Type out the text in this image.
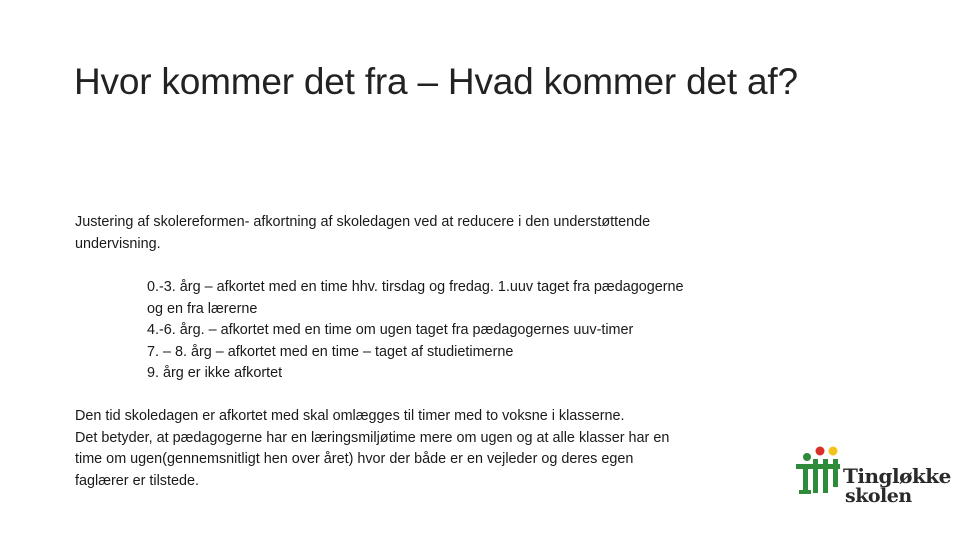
Hvor kommer det fra – Hvad kommer det af?
Justering af skolereformen- afkortning af skoledagen ved at reducere i den understøttende
undervisning.
0.-3. årg – afkortet med en time hhv. tirsdag og fredag. 1.uuv taget fra pædagogerne
og en fra lærerne
4.-6. årg. – afkortet med en time om ugen taget fra pædagogernes uuv-timer
7. – 8. årg – afkortet med en time – taget af studietimerne
9. årg er ikke afkortet
Den tid skoledagen er afkortet med skal omlægges til timer med to voksne i klasserne.
Det betyder, at pædagogerne har en læringsmiljøtime mere om ugen og at alle klasser har en
time om ugen(gennemsnitligt hen over året) hvor der både er en vejleder og deres egen
faglærer er tilstede.	Tingløkke
skolen
